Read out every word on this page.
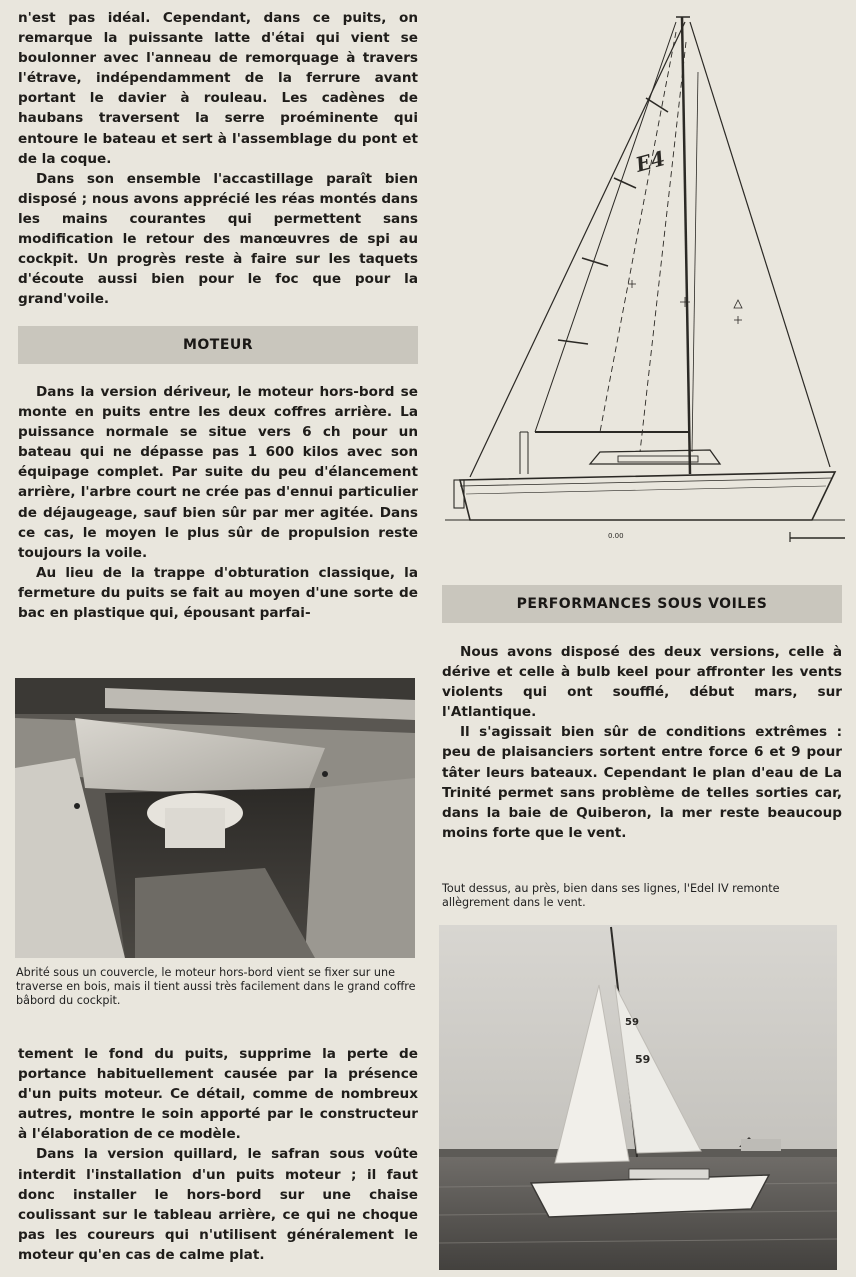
n'est pas idéal. Cependant, dans ce puits, on remarque la puissante latte d'étai qui vient se boulonner avec l'anneau de remorquage à travers l'étrave, indépendamment de la ferrure avant portant le davier à rouleau. Les cadènes de haubans traversent la serre proéminente qui entoure le bateau et sert à l'assemblage du pont et de la coque.

Dans son ensemble l'accastillage paraît bien disposé ; nous avons apprécié les réas montés dans les mains courantes qui permettent sans modification le retour des manœuvres de spi au cockpit. Un progrès reste à faire sur les taquets d'écoute aussi bien pour le foc que pour la grand'voile.

MOTEUR

Dans la version dériveur, le moteur hors-bord se monte en puits entre les deux coffres arrière. La puissance normale se situe vers 6 ch pour un bateau qui ne dépasse pas 1 600 kilos avec son équipage complet. Par suite du peu d'élancement arrière, l'arbre court ne crée pas d'ennui particulier de déjaugeage, sauf bien sûr par mer agitée. Dans ce cas, le moyen le plus sûr de propulsion reste toujours la voile.

Au lieu de la trappe d'obturation classique, la fermeture du puits se fait au moyen d'une sorte de bac en plastique qui, épousant parfai-

Abrité sous un couvercle, le moteur hors-bord vient se fixer sur une traverse en bois, mais il tient aussi très facilement dans le grand coffre bâbord du cockpit.

tement le fond du puits, supprime la perte de portance habituellement causée par la présence d'un puits moteur. Ce détail, comme de nombreux autres, montre le soin apporté par le constructeur à l'élaboration de ce modèle.

Dans la version quillard, le safran sous voûte interdit l'installation d'un puits moteur ; il faut donc installer le hors-bord sur une chaise coulissant sur le tableau arrière, ce qui ne choque pas les coureurs qui n'utilisent généralement le moteur qu'en cas de calme plat.

E4
0.00
PERFORMANCES SOUS VOILES

Nous avons disposé des deux versions, celle à dérive et celle à bulb keel pour affronter les vents violents qui ont soufflé, début mars, sur l'Atlantique.

Il s'agissait bien sûr de conditions extrêmes : peu de plaisanciers sortent entre force 6 et 9 pour tâter leurs bateaux. Cependant le plan d'eau de La Trinité permet sans problème de telles sorties car, dans la baie de Quiberon, la mer reste beaucoup moins forte que le vent.

Tout dessus, au près, bien dans ses lignes, l'Edel IV remonte allègrement dans le vent.

59
59
